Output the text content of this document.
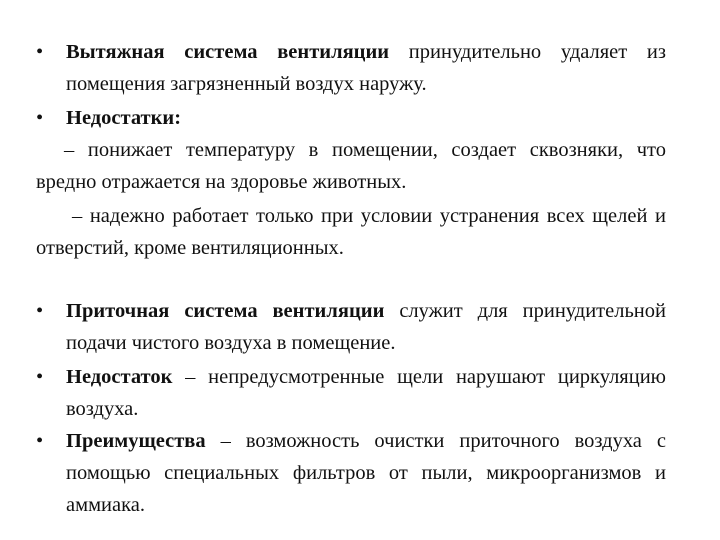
•	Вытяжная система вентиляции принудительно удаляет из помещения загрязненный воздух наружу.
•	Недостатки:
– понижает температуру в помещении, создает сквозняки, что вредно отражается на здоровье животных.
– надежно работает только при условии устранения всех щелей и отверстий, кроме вентиляционных.
•	Приточная система вентиляции служит для принудительной подачи чистого воздуха в помещение.
•	Недостаток – непредусмотренные щели нарушают циркуляцию воздуха.
•	Преимущества – возможность очистки приточного воздуха с помощью специальных фильтров от пыли, микроорганизмов и аммиака.
